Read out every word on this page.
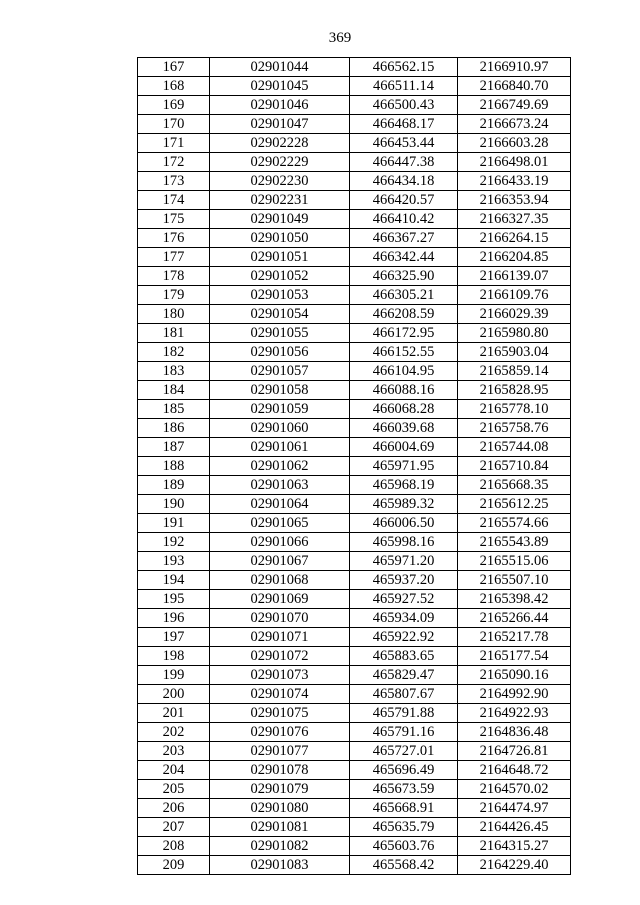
369
167	02901044	466562.15	2166910.97
168	02901045	466511.14	2166840.70
169	02901046	466500.43	2166749.69
170	02901047	466468.17	2166673.24
171	02902228	466453.44	2166603.28
172	02902229	466447.38	2166498.01
173	02902230	466434.18	2166433.19
174	02902231	466420.57	2166353.94
175	02901049	466410.42	2166327.35
176	02901050	466367.27	2166264.15
177	02901051	466342.44	2166204.85
178	02901052	466325.90	2166139.07
179	02901053	466305.21	2166109.76
180	02901054	466208.59	2166029.39
181	02901055	466172.95	2165980.80
182	02901056	466152.55	2165903.04
183	02901057	466104.95	2165859.14
184	02901058	466088.16	2165828.95
185	02901059	466068.28	2165778.10
186	02901060	466039.68	2165758.76
187	02901061	466004.69	2165744.08
188	02901062	465971.95	2165710.84
189	02901063	465968.19	2165668.35
190	02901064	465989.32	2165612.25
191	02901065	466006.50	2165574.66
192	02901066	465998.16	2165543.89
193	02901067	465971.20	2165515.06
194	02901068	465937.20	2165507.10
195	02901069	465927.52	2165398.42
196	02901070	465934.09	2165266.44
197	02901071	465922.92	2165217.78
198	02901072	465883.65	2165177.54
199	02901073	465829.47	2165090.16
200	02901074	465807.67	2164992.90
201	02901075	465791.88	2164922.93
202	02901076	465791.16	2164836.48
203	02901077	465727.01	2164726.81
204	02901078	465696.49	2164648.72
205	02901079	465673.59	2164570.02
206	02901080	465668.91	2164474.97
207	02901081	465635.79	2164426.45
208	02901082	465603.76	2164315.27
209	02901083	465568.42	2164229.40
